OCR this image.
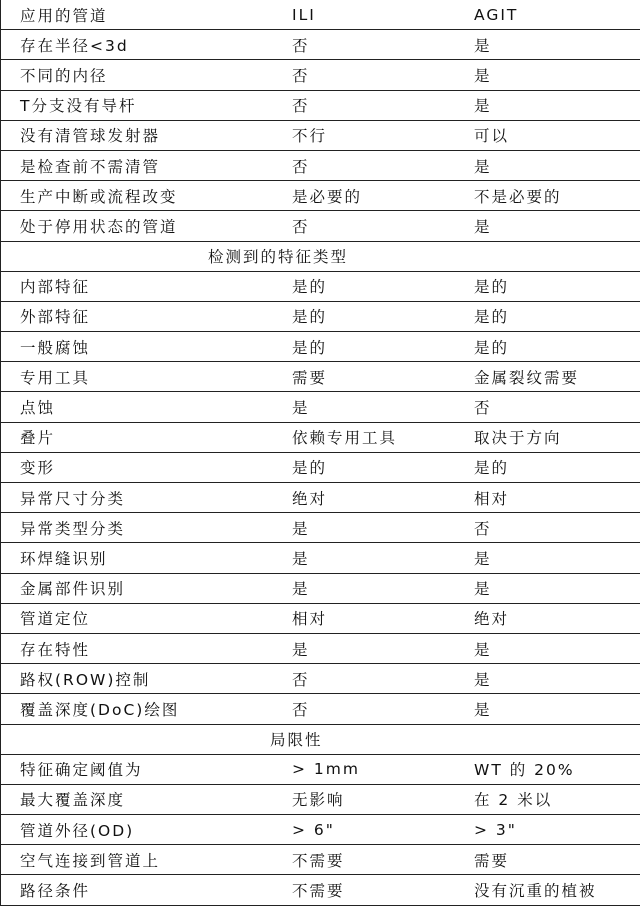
应用的管道	ILI	AGIT
存在半径<3d	否	是
不同的内径	否	是
T分支没有导杆	否	是
没有清管球发射器	不行	可以
是检查前不需清管	否	是
生产中断或流程改变	是必要的	不是必要的
处于停用状态的管道	否	是
检测到的特征类型
内部特征	是的	是的
外部特征	是的	是的
一般腐蚀	是的	是的
专用工具	需要	金属裂纹需要
点蚀	是	否
叠片	依赖专用工具	取决于方向
变形	是的	是的
异常尺寸分类	绝对	相对
异常类型分类	是	否
环焊缝识别	是	是
金属部件识别	是	是
管道定位	相对	绝对
存在特性	是	是
路权(ROW)控制	否	是
覆盖深度(DoC)绘图	否	是
局限性
特征确定阈值为	> 1mm	WT 的 20%
最大覆盖深度	无影响	在 2 米以
管道外径(OD)	> 6"	> 3"
空气连接到管道上	不需要	需要
路径条件	不需要	没有沉重的植被
